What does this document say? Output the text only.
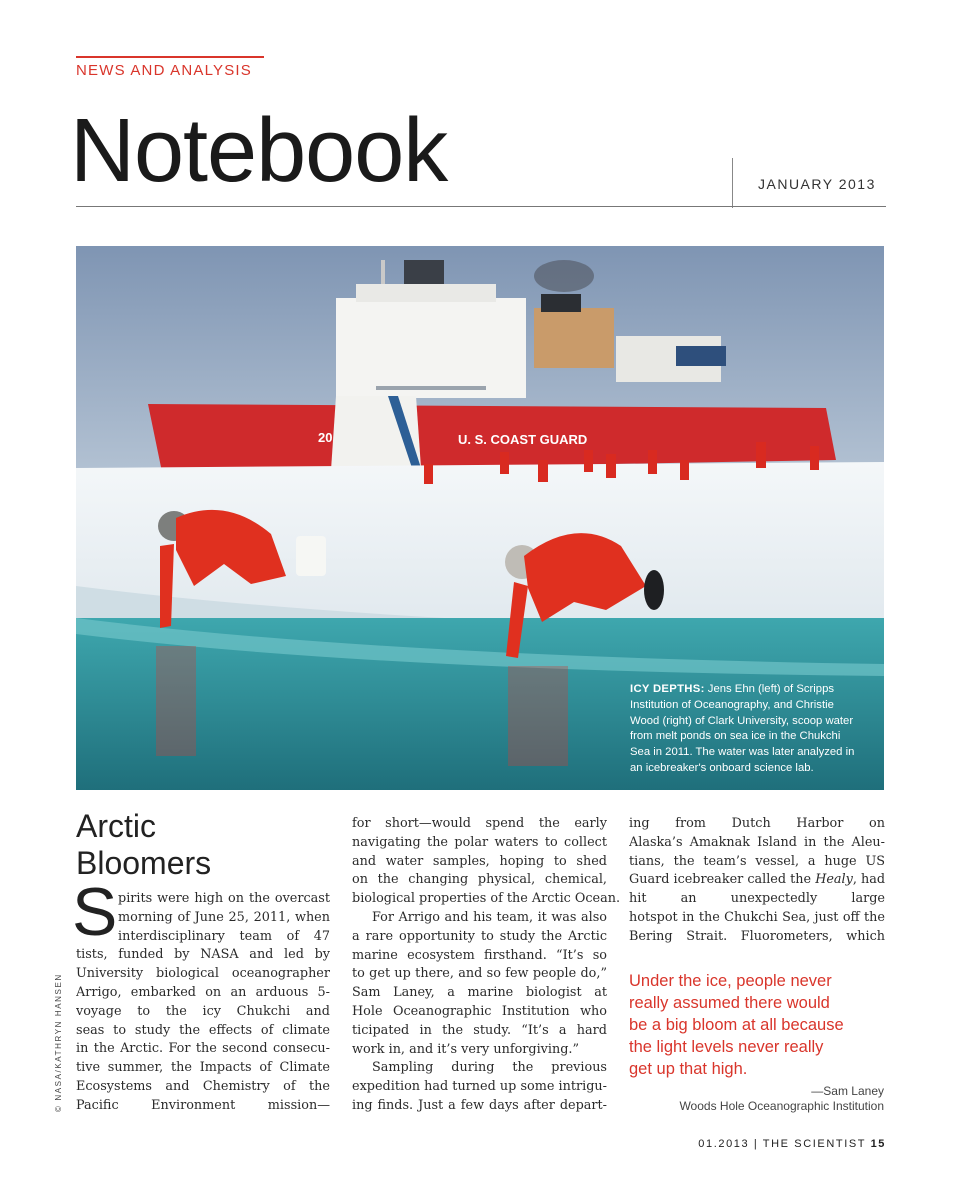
NEWS AND ANALYSIS
Notebook	JANUARY 2013
20	U. S. COAST GUARD
ICY DEPTHS: Jens Ehn (left) of Scripps
Institution of Oceanography, and Christie
Wood (right) of Clark University, scoop water
from melt ponds on sea ice in the Chukchi
Sea in 2011. The water was later analyzed in
an icebreaker's onboard science lab.
© NASA/KATHRYN HANSEN
Arctic
Bloomers
S pirits were high on the overcast
morning of June 25, 2011, when
interdisciplinary team of 47
tists, funded by NASA and led by
University biological oceanographer
Arrigo, embarked on an arduous 5-
voyage to the icy Chukchi and
seas to study the effects of climate
in the Arctic. For the second consecu-
tive summer, the Impacts of Climate
Ecosystems and Chemistry of the
Pacific Environment mission—
for short—would spend the early
navigating the polar waters to collect
and water samples, hoping to shed
on the changing physical, chemical,
biological properties of the Arctic Ocean.
For Arrigo and his team, it was also
a rare opportunity to study the Arctic
marine ecosystem firsthand. “It’s so
to get up there, and so few people do,”
Sam Laney, a marine biologist at
Hole Oceanographic Institution who
ticipated in the study. “It’s a hard
work in, and it’s very unforgiving.”
Sampling during the previous
expedition had turned up some intrigu-
ing finds. Just a few days after depart-
ing from Dutch Harbor on
Alaska’s Amaknak Island in the Aleu-
tians, the team’s vessel, a huge US
Guard icebreaker called the Healy, had
hit an unexpectedly large
hotspot in the Chukchi Sea, just off the
Bering Strait. Fluorometers, which
Under the ice, people never
really assumed there would
be a big bloom at all because
the light levels never really
get up that high.
—Sam Laney
Woods Hole Oceanographic Institution
01.2013 | THE SCIENTIST 15
